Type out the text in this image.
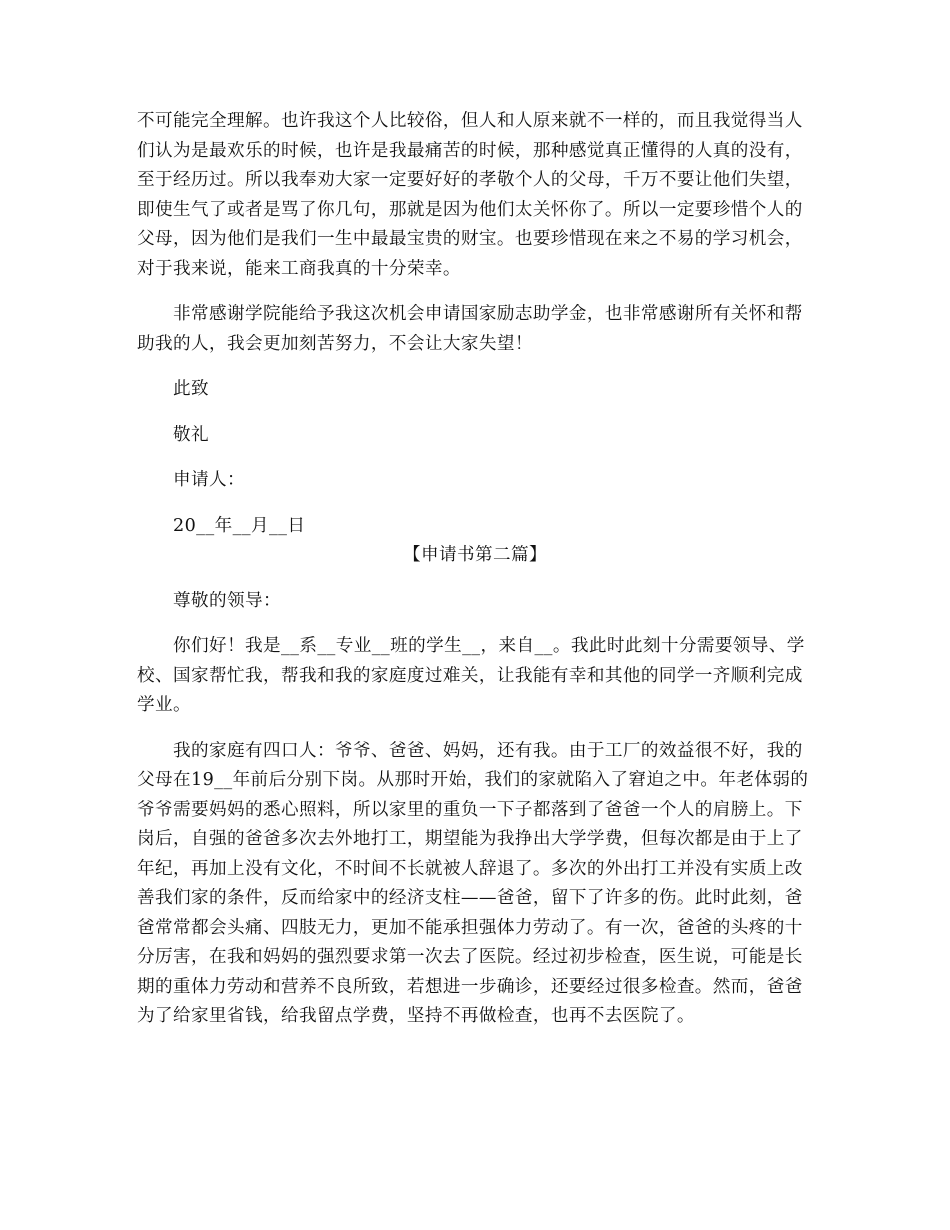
不可能完全理解。也许我这个人比较俗，但人和人原来就不一样的，而且我觉得当人
们认为是最欢乐的时候，也许是我最痛苦的时候，那种感觉真正懂得的人真的没有，
至于经历过。所以我奉劝大家一定要好好的孝敬个人的父母，千万不要让他们失望，
即使生气了或者是骂了你几句，那就是因为他们太关怀你了。所以一定要珍惜个人的
父母，因为他们是我们一生中最最宝贵的财宝。也要珍惜现在来之不易的学习机会，
对于我来说，能来工商我真的十分荣幸。

非常感谢学院能给予我这次机会申请国家励志助学金，也非常感谢所有关怀和帮
助我的人，我会更加刻苦努力，不会让大家失望！

此致

敬礼

申请人：

20__年__月__日

【申请书第二篇】

尊敬的领导：

你们好！我是__系__专业__班的学生__，来自__。我此时此刻十分需要领导、学
校、国家帮忙我，帮我和我的家庭度过难关，让我能有幸和其他的同学一齐顺利完成
学业。

我的家庭有四口人：爷爷、爸爸、妈妈，还有我。由于工厂的效益很不好，我的
父母在19__年前后分别下岗。从那时开始，我们的家就陷入了窘迫之中。年老体弱的
爷爷需要妈妈的悉心照料，所以家里的重负一下子都落到了爸爸一个人的肩膀上。下
岗后，自强的爸爸多次去外地打工，期望能为我挣出大学学费，但每次都是由于上了
年纪，再加上没有文化，不时间不长就被人辞退了。多次的外出打工并没有实质上改
善我们家的条件，反而给家中的经济支柱——爸爸，留下了许多的伤。此时此刻，爸
爸常常都会头痛、四肢无力，更加不能承担强体力劳动了。有一次，爸爸的头疼的十
分厉害，在我和妈妈的强烈要求第一次去了医院。经过初步检查，医生说，可能是长
期的重体力劳动和营养不良所致，若想进一步确诊，还要经过很多检查。然而，爸爸
为了给家里省钱，给我留点学费，坚持不再做检查，也再不去医院了。
